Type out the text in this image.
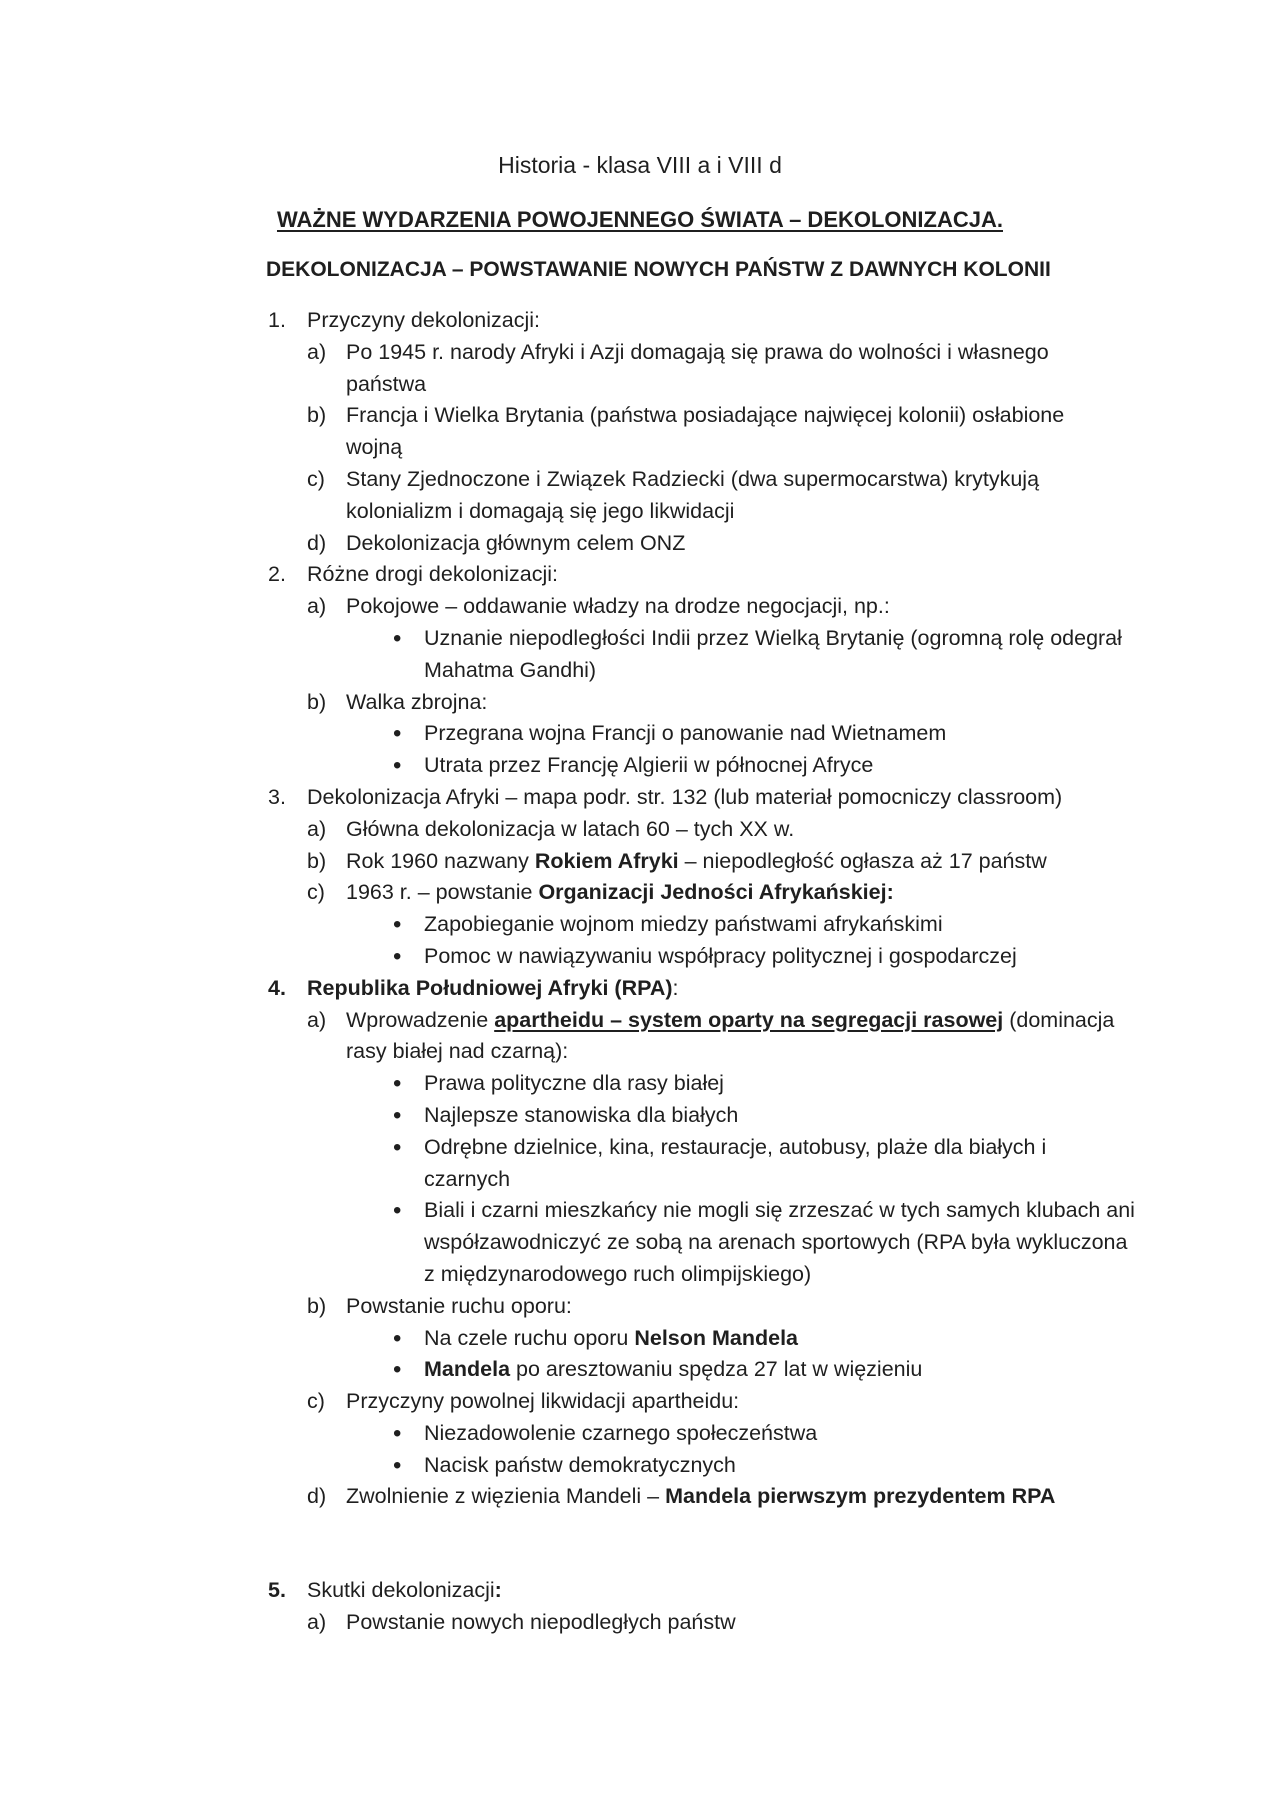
Historia - klasa VIII a i VIII d
WAŻNE WYDARZENIA POWOJENNEGO ŚWIATA – DEKOLONIZACJA.
DEKOLONIZACJA – POWSTAWANIE NOWYCH PAŃSTW Z DAWNYCH KOLONII
1. Przyczyny dekolonizacji:
a) Po 1945 r. narody Afryki i Azji domagają się prawa do wolności i własnego
państwa
b) Francja i Wielka Brytania (państwa posiadające najwięcej kolonii) osłabione
wojną
c) Stany Zjednoczone i Związek Radziecki (dwa supermocarstwa) krytykują
kolonializm i domagają się jego likwidacji
d) Dekolonizacja głównym celem ONZ
2. Różne drogi dekolonizacji:
a) Pokojowe – oddawanie władzy na drodze negocjacji, np.:
• Uznanie niepodległości Indii przez Wielką Brytanię (ogromną rolę odegrał
Mahatma Gandhi)
b) Walka zbrojna:
• Przegrana wojna Francji o panowanie nad Wietnamem
• Utrata przez Francję Algierii w północnej Afryce
3. Dekolonizacja Afryki – mapa podr. str. 132 (lub materiał pomocniczy classroom)
a) Główna dekolonizacja w latach 60 – tych XX w.
b) Rok 1960 nazwany Rokiem Afryki – niepodległość ogłasza aż 17 państw
c) 1963 r. – powstanie Organizacji Jedności Afrykańskiej:
• Zapobieganie wojnom miedzy państwami afrykańskimi
• Pomoc w nawiązywaniu współpracy politycznej i gospodarczej
4. Republika Południowej Afryki (RPA):
a) Wprowadzenie apartheidu – system oparty na segregacji rasowej (dominacja
rasy białej nad czarną):
• Prawa polityczne dla rasy białej
• Najlepsze stanowiska dla białych
• Odrębne dzielnice, kina, restauracje, autobusy, plaże dla białych i
czarnych
• Biali i czarni mieszkańcy nie mogli się zrzeszać w tych samych klubach ani
współzawodniczyć ze sobą na arenach sportowych (RPA była wykluczona
z międzynarodowego ruch olimpijskiego)
b) Powstanie ruchu oporu:
• Na czele ruchu oporu Nelson Mandela
• Mandela po aresztowaniu spędza 27 lat w więzieniu
c) Przyczyny powolnej likwidacji apartheidu:
• Niezadowolenie czarnego społeczeństwa
• Nacisk państw demokratycznych
d) Zwolnienie z więzienia Mandeli – Mandela pierwszym prezydentem RPA
5. Skutki dekolonizacji:
a) Powstanie nowych niepodległych państw
